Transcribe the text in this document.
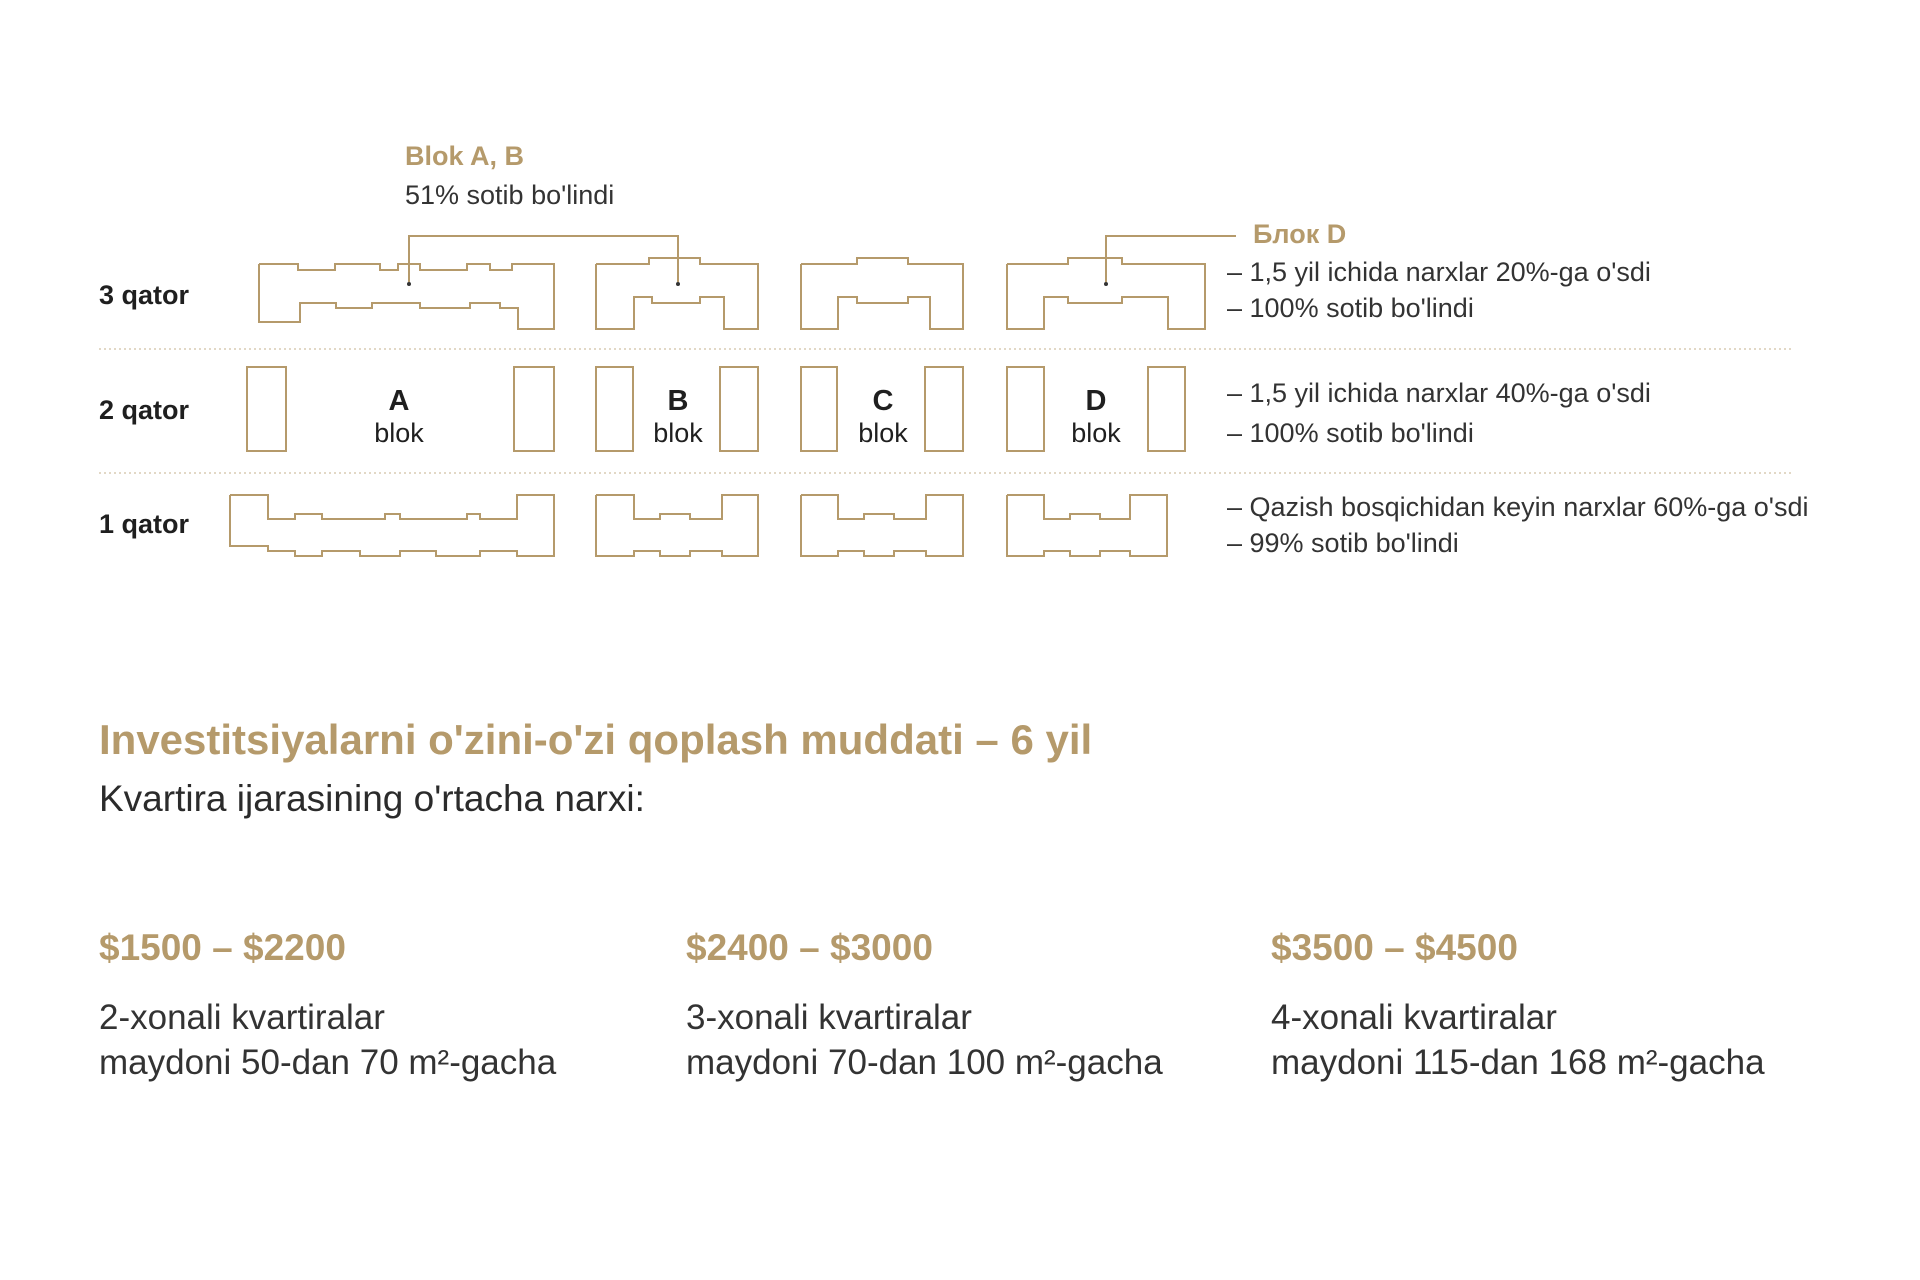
Blok A, B
51% sotib bo'lindi
Блок D
3 qator
2 qator
1 qator
A
blok
B
blok
C
blok
D
blok
– 1,5 yil ichida narxlar 20%-ga o'sdi
– 100% sotib bo'lindi
– 1,5 yil ichida narxlar 40%-ga o'sdi
– 100% sotib bo'lindi
– Qazish bosqichidan keyin narxlar 60%-ga o'sdi
– 99% sotib bo'lindi
Investitsiyalarni o'zini-o'zi qoplash muddati – 6 yil
Kvartira ijarasining o'rtacha narxi:
$1500 – $2200
2-xonali kvartiralar
maydoni 50-dan 70 m²-gacha
$2400 – $3000
3-xonali kvartiralar
maydoni 70-dan 100 m²-gacha
$3500 – $4500
4-xonali kvartiralar
maydoni 115-dan 168 m²-gacha
